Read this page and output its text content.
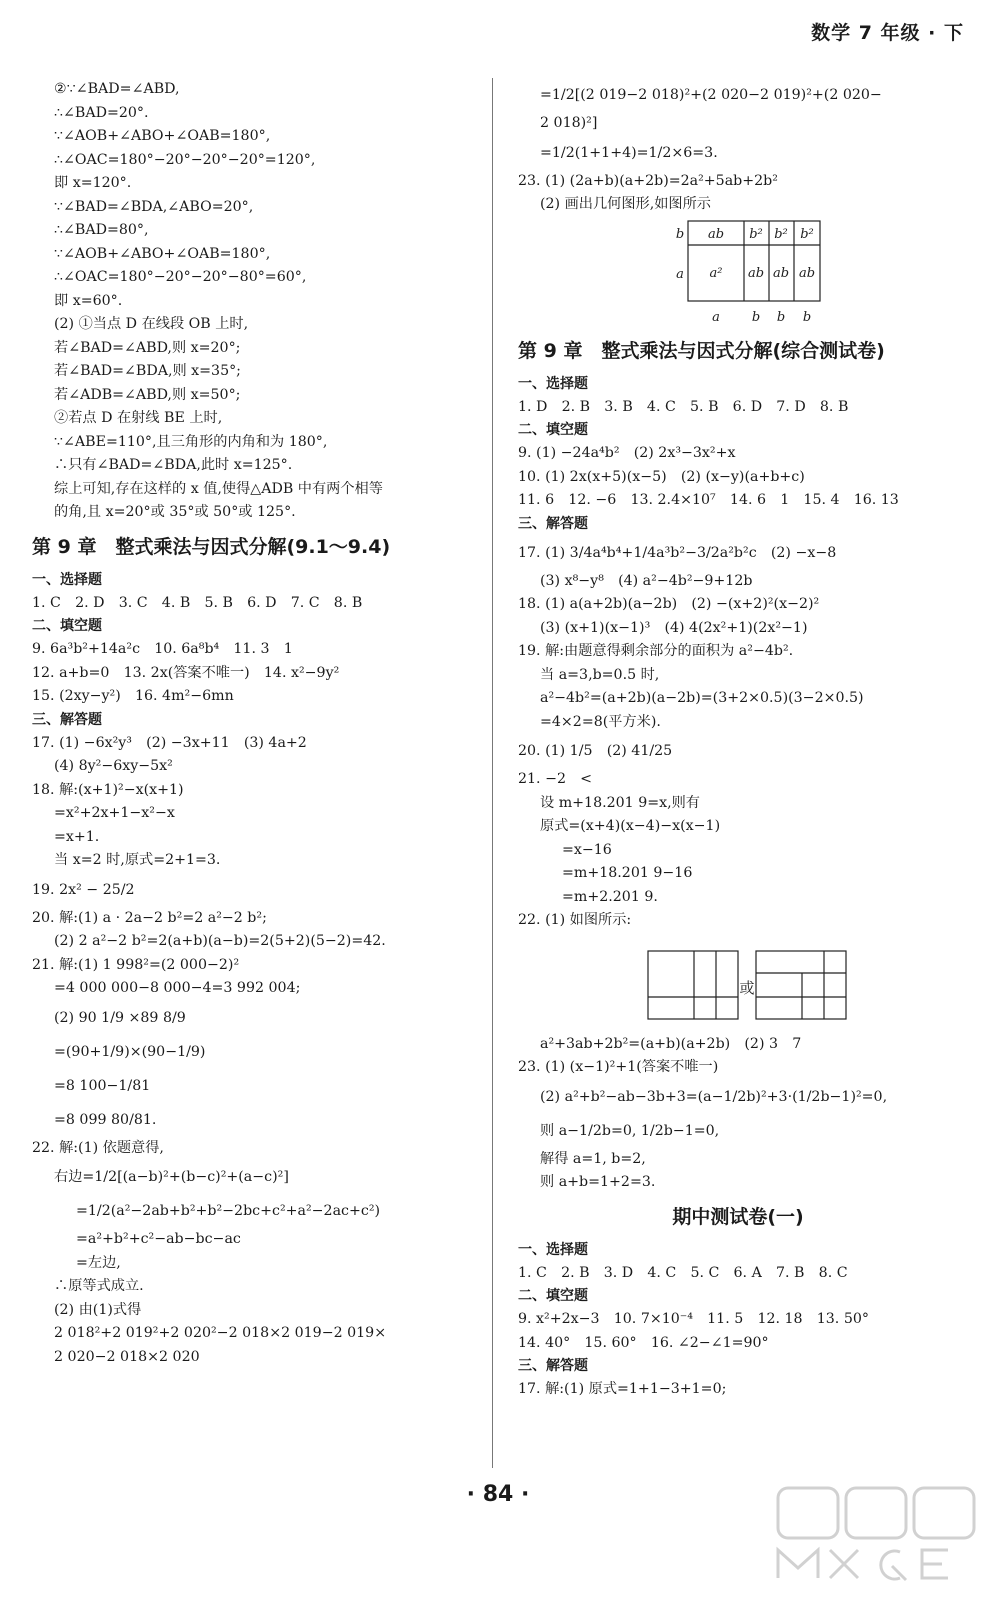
数学 7 年级 · 下
②∵∠BAD=∠ABD,
∴∠BAD=20°.
∵∠AOB+∠ABO+∠OAB=180°,
∴∠OAC=180°−20°−20°−20°=120°,
即 x=120°.
∵∠BAD=∠BDA,∠ABO=20°,
∴∠BAD=80°,
∵∠AOB+∠ABO+∠OAB=180°,
∴∠OAC=180°−20°−20°−80°=60°,
即 x=60°.
(2) ①当点 D 在线段 OB 上时,
若∠BAD=∠ABD,则 x=20°;
若∠BAD=∠BDA,则 x=35°;
若∠ADB=∠ABD,则 x=50°;
②若点 D 在射线 BE 上时,
∵∠ABE=110°,且三角形的内角和为 180°,
∴只有∠BAD=∠BDA,此时 x=125°.
综上可知,存在这样的 x 值,使得△ADB 中有两个相等
的角,且 x=20°或 35°或 50°或 125°.
第 9 章　整式乘法与因式分解(9.1～9.4)
一、选择题
1. C　2. D　3. C　4. B　5. B　6. D　7. C　8. B
二、填空题
9. 6a³b²+14a²c　10. 6a⁸b⁴　11. 3　1
12. a+b=0　13. 2x(答案不唯一)　14. x²−9y²
15. (2xy−y²)　16. 4m²−6mn
三、解答题
17. (1) −6x²y³　(2) −3x+11　(3) 4a+2
(4) 8y²−6xy−5x²
18. 解:(x+1)²−x(x+1)
=x²+2x+1−x²−x
=x+1.
当 x=2 时,原式=2+1=3.
19. 2x² − 25/2
20. 解:(1) a · 2a−2 b²=2 a²−2 b²;
(2) 2 a²−2 b²=2(a+b)(a−b)=2(5+2)(5−2)=42.
21. 解:(1) 1 998²=(2 000−2)²
=4 000 000−8 000−4=3 992 004;
(2) 90 1/9 ×89 8/9
=(90+1/9)×(90−1/9)
=8 100−1/81
=8 099 80/81.
22. 解:(1) 依题意得,
右边=1/2[(a−b)²+(b−c)²+(a−c)²]
=1/2(a²−2ab+b²+b²−2bc+c²+a²−2ac+c²)
=a²+b²+c²−ab−bc−ac
=左边,
∴原等式成立.
(2) 由(1)式得
2 018²+2 019²+2 020²−2 018×2 019−2 019×
2 020−2 018×2 020
=1/2[(2 019−2 018)²+(2 020−2 019)²+(2 020−
2 018)²]
=1/2(1+1+4)=1/2×6=3.
23. (1) (2a+b)(a+2b)=2a²+5ab+2b²
(2) 画出几何图形,如图所示
b
a
ab b² b² b²
a² ab ab ab
a b b b
第 9 章　整式乘法与因式分解(综合测试卷)
一、选择题
1. D　2. B　3. B　4. C　5. B　6. D　7. D　8. B
二、填空题
9. (1) −24a⁴b²　(2) 2x³−3x²+x
10. (1) 2x(x+5)(x−5)　(2) (x−y)(a+b+c)
11. 6　12. −6　13. 2.4×10⁷　14. 6　1　15. 4　16. 13
三、解答题
17. (1) 3/4a⁴b⁴+1/4a³b²−3/2a²b²c　(2) −x−8
(3) x⁸−y⁸　(4) a²−4b²−9+12b
18. (1) a(a+2b)(a−2b)　(2) −(x+2)²(x−2)²
(3) (x+1)(x−1)³　(4) 4(2x²+1)(2x²−1)
19. 解:由题意得剩余部分的面积为 a²−4b².
当 a=3,b=0.5 时,
a²−4b²=(a+2b)(a−2b)=(3+2×0.5)(3−2×0.5)
=4×2=8(平方米).
20. (1) 1/5　(2) 41/25
21. −2　<
设 m+18.201 9=x,则有
原式=(x+4)(x−4)−x(x−1)
=x−16
=m+18.201 9−16
=m+2.201 9.
22. (1) 如图所示:
或
a²+3ab+2b²=(a+b)(a+2b)　(2) 3　7
23. (1) (x−1)²+1(答案不唯一)
(2) a²+b²−ab−3b+3=(a−1/2b)²+3·(1/2b−1)²=0,
则 a−1/2b=0, 1/2b−1=0,
解得 a=1, b=2,
则 a+b=1+2=3.
期中测试卷(一)
一、选择题
1. C　2. B　3. D　4. C　5. C　6. A　7. B　8. C
二、填空题
9. x²+2x−3　10. 7×10⁻⁴　11. 5　12. 18　13. 50°
14. 40°　15. 60°　16. ∠2−∠1=90°
三、解答题
17. 解:(1) 原式=1+1−3+1=0;
· 84 ·
